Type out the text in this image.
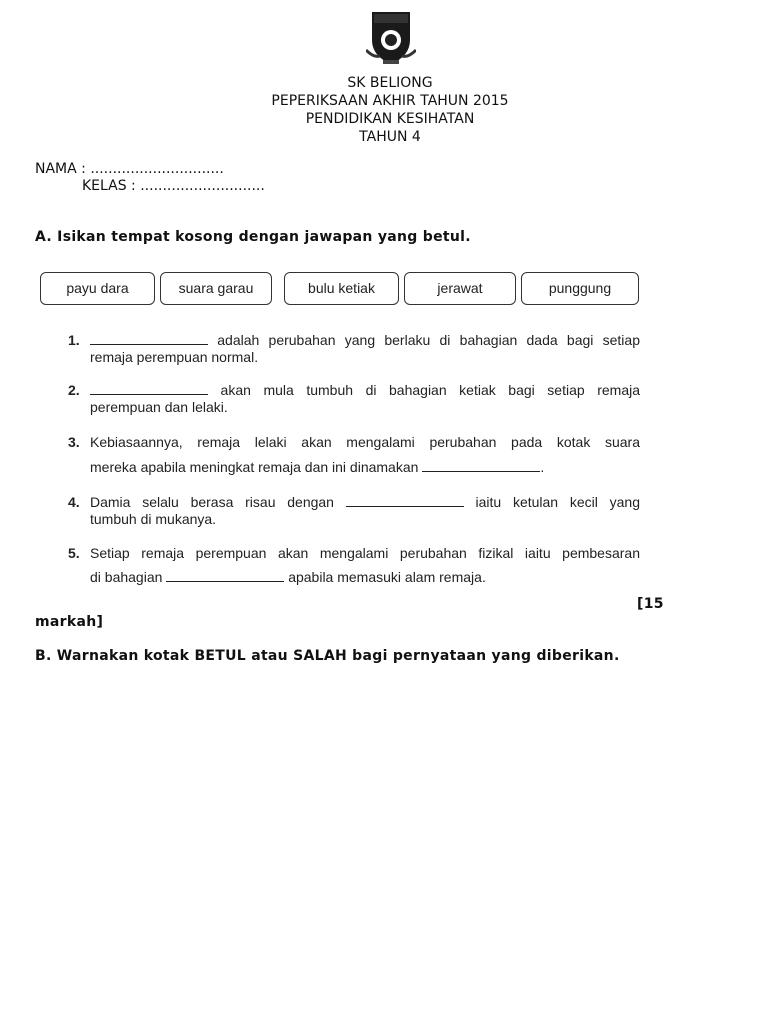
SK BELIONG
PEPERIKSAAN AKHIR TAHUN 2015
PENDIDIKAN KESIHATAN
TAHUN 4
NAMA : ..............................
KELAS : ............................
A. Isikan tempat kosong dengan jawapan yang betul.
payu dara	suara garau	bulu ketiak	jerawat	punggung
1.	adalah perubahan yang berlaku di bahagian dada bagi setiap
remaja perempuan normal.
2.	akan mula tumbuh di bahagian ketiak bagi setiap remaja
perempuan dan lelaki.
3. Kebiasaannya, remaja lelaki akan mengalami perubahan pada kotak suara
mereka apabila meningkat remaja dan ini dinamakan	.
4. Damia selalu berasa risau dengan	iaitu ketulan kecil yang
tumbuh di mukanya.
5. Setiap remaja perempuan akan mengalami perubahan fizikal iaitu pembesaran
di bahagian	apabila memasuki alam remaja.
[15
markah]
B. Warnakan kotak BETUL atau SALAH bagi pernyataan yang diberikan.
